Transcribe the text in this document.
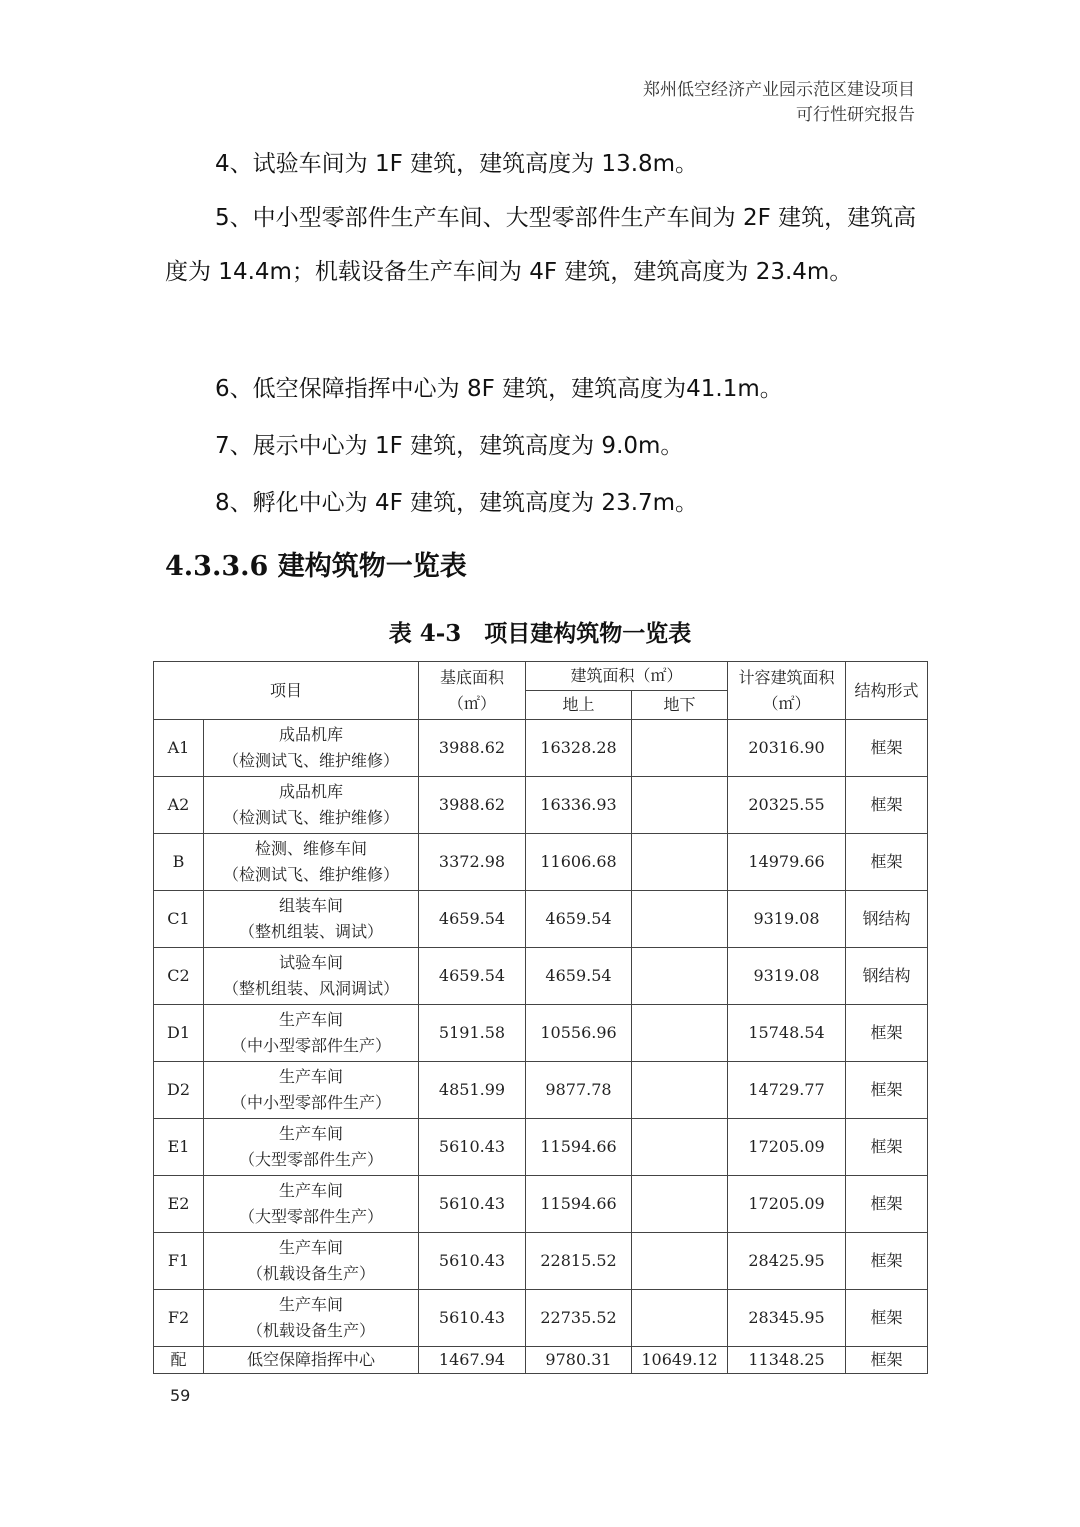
郑州低空经济产业园示范区建设项目
可行性研究报告
4、试验车间为 1F 建筑，建筑高度为 13.8m。
5、中小型零部件生产车间、大型零部件生产车间为 2F 建筑，建筑高度为 14.4m；机载设备生产车间为 4F 建筑，建筑高度为 23.4m。
6、低空保障指挥中心为 8F 建筑，建筑高度为41.1m。
7、展示中心为 1F 建筑，建筑高度为 9.0m。
8、孵化中心为 4F 建筑，建筑高度为 23.7m。
4.3.3.6 建构筑物一览表
表 4-3　项目建构筑物一览表
项目		基底面积（㎡）	建筑面积（㎡）		计容建筑面积（㎡）	结构形式
			地上	地下		
A1	成品机库
（检测试飞、维护维修）	3988.62	16328.28		20316.90	框架
A2	成品机库
（检测试飞、维护维修）	3988.62	16336.93		20325.55	框架
B	检测、维修车间
（检测试飞、维护维修）	3372.98	11606.68		14979.66	框架
C1	组装车间
（整机组装、调试）	4659.54	4659.54		9319.08	钢结构
C2	试验车间
（整机组装、风洞调试）	4659.54	4659.54		9319.08	钢结构
D1	生产车间
（中小型零部件生产）	5191.58	10556.96		15748.54	框架
D2	生产车间
（中小型零部件生产）	4851.99	9877.78		14729.77	框架
E1	生产车间
（大型零部件生产）	5610.43	11594.66		17205.09	框架
E2	生产车间
（大型零部件生产）	5610.43	11594.66		17205.09	框架
F1	生产车间
（机载设备生产）	5610.43	22815.52		28425.95	框架
F2	生产车间
（机载设备生产）	5610.43	22735.52		28345.95	框架
配	低空保障指挥中心	1467.94	9780.31	10649.12	11348.25	框架
59
